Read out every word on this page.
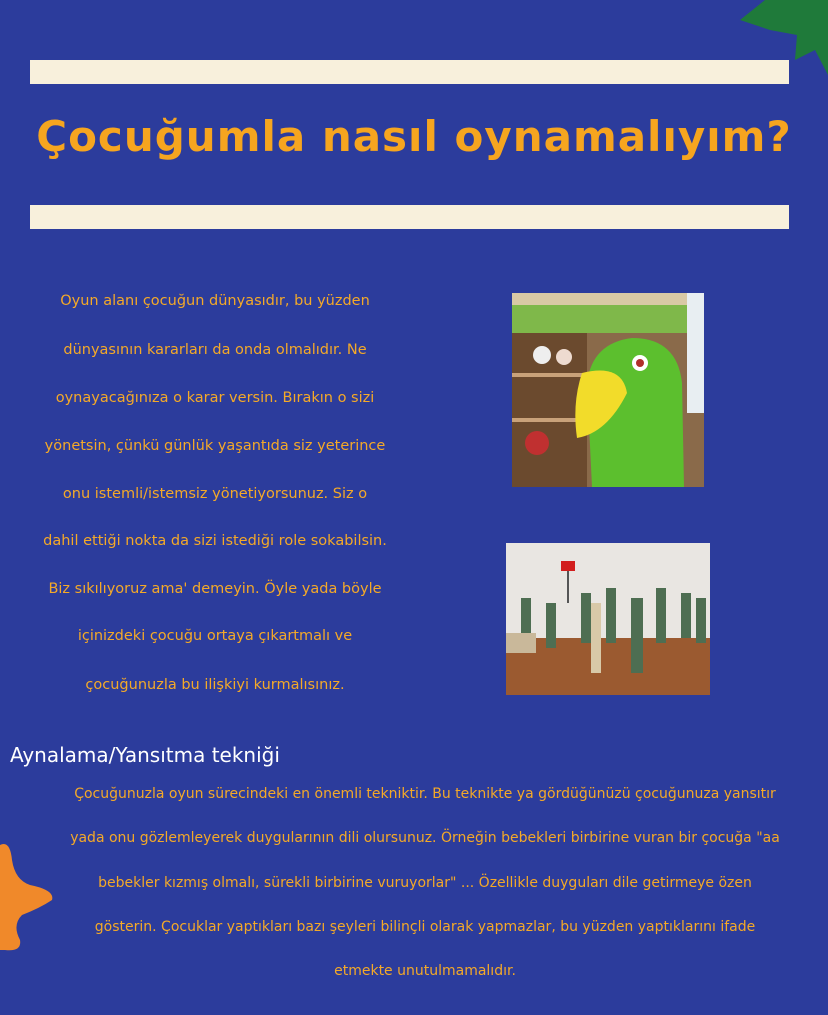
Çocuğumla nasıl oynamalıyım?
Oyun alanı çocuğun dünyasıdır, bu yüzden
dünyasının kararları da onda olmalıdır. Ne
oynayacağınıza o karar versin. Bırakın o sizi
yönetsin, çünkü günlük yaşantıda siz yeterince
onu istemli/istemsiz yönetiyorsunuz. Siz o
dahil ettiği nokta da sizi istediği role sokabilsin.
Biz sıkılıyoruz ama' demeyin. Öyle yada böyle
içinizdeki çocuğu ortaya çıkartmalı ve
çocuğunuzla bu ilişkiyi kurmalısınız.
Aynalama/Yansıtma tekniği
Çocuğunuzla oyun sürecindeki en önemli tekniktir. Bu teknikte ya gördüğünüzü çocuğunuza yansıtır
yada onu gözlemleyerek duygularının dili olursunuz. Örneğin bebekleri birbirine vuran bir çocuğa "aa
bebekler kızmış olmalı, sürekli birbirine vuruyorlar" ... Özellikle duyguları dile getirmeye özen
gösterin. Çocuklar yaptıkları bazı şeyleri bilinçli olarak yapmazlar, bu yüzden yaptıklarını ifade
etmekte unutulmamalıdır.
